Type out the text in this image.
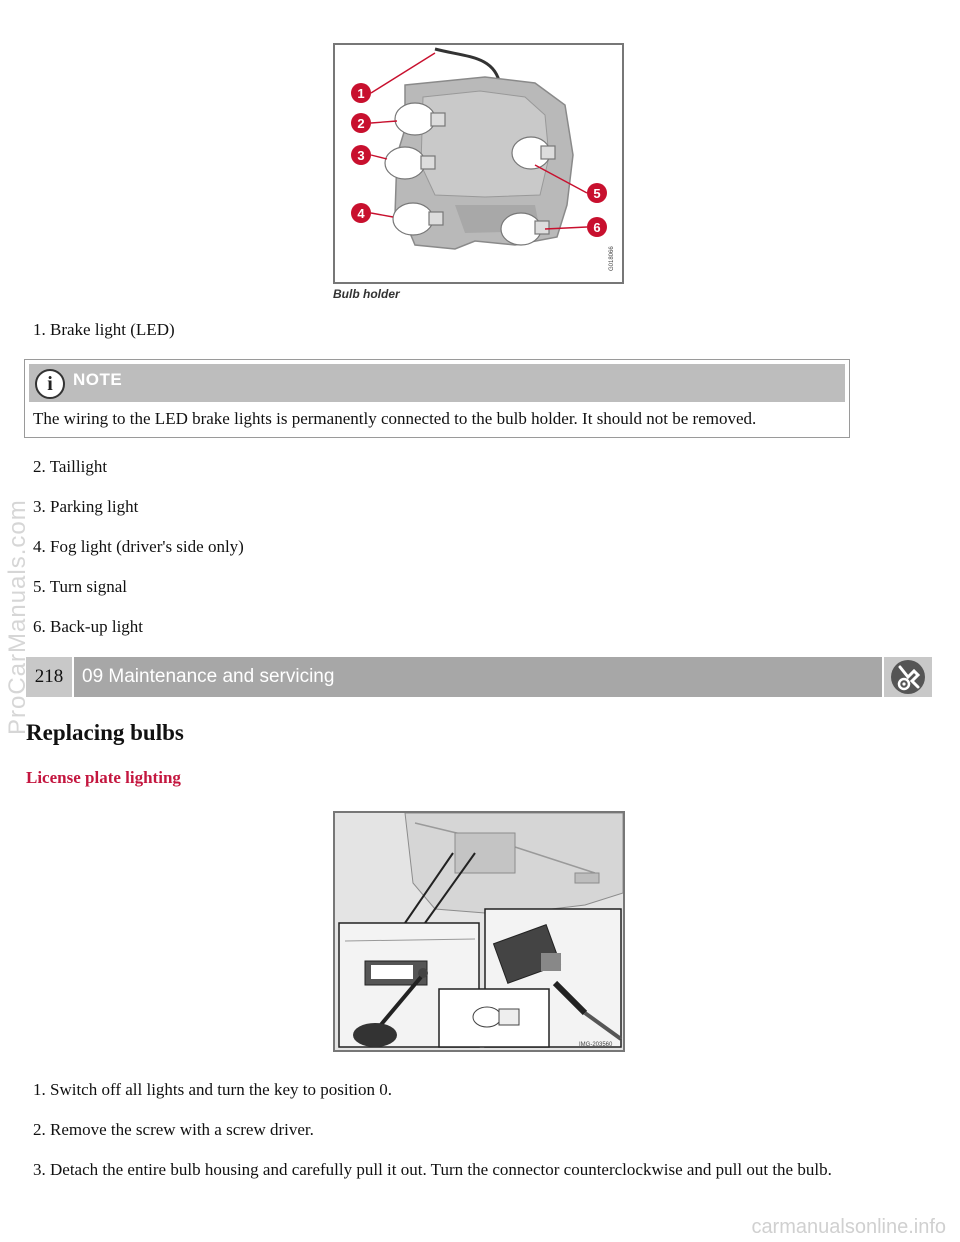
1
2
3
4
5
6
G018066
Bulb holder
1. Brake light (LED)
i	NOTE
The wiring to the LED brake lights is permanently connected to the bulb holder. It should not be removed.
2. Taillight
3. Parking light
4. Fog light (driver's side only)
5. Turn signal
6. Back-up light
218 09 Maintenance and servicing
Replacing bulbs
License plate lighting
IMG-203560
1. Switch off all lights and turn the key to position 0.
2. Remove the screw with a screw driver.
3. Detach the entire bulb housing and carefully pull it out. Turn the connector counterclockwise and pull out the bulb.
ProCarManuals.com
carmanualsonline.info
